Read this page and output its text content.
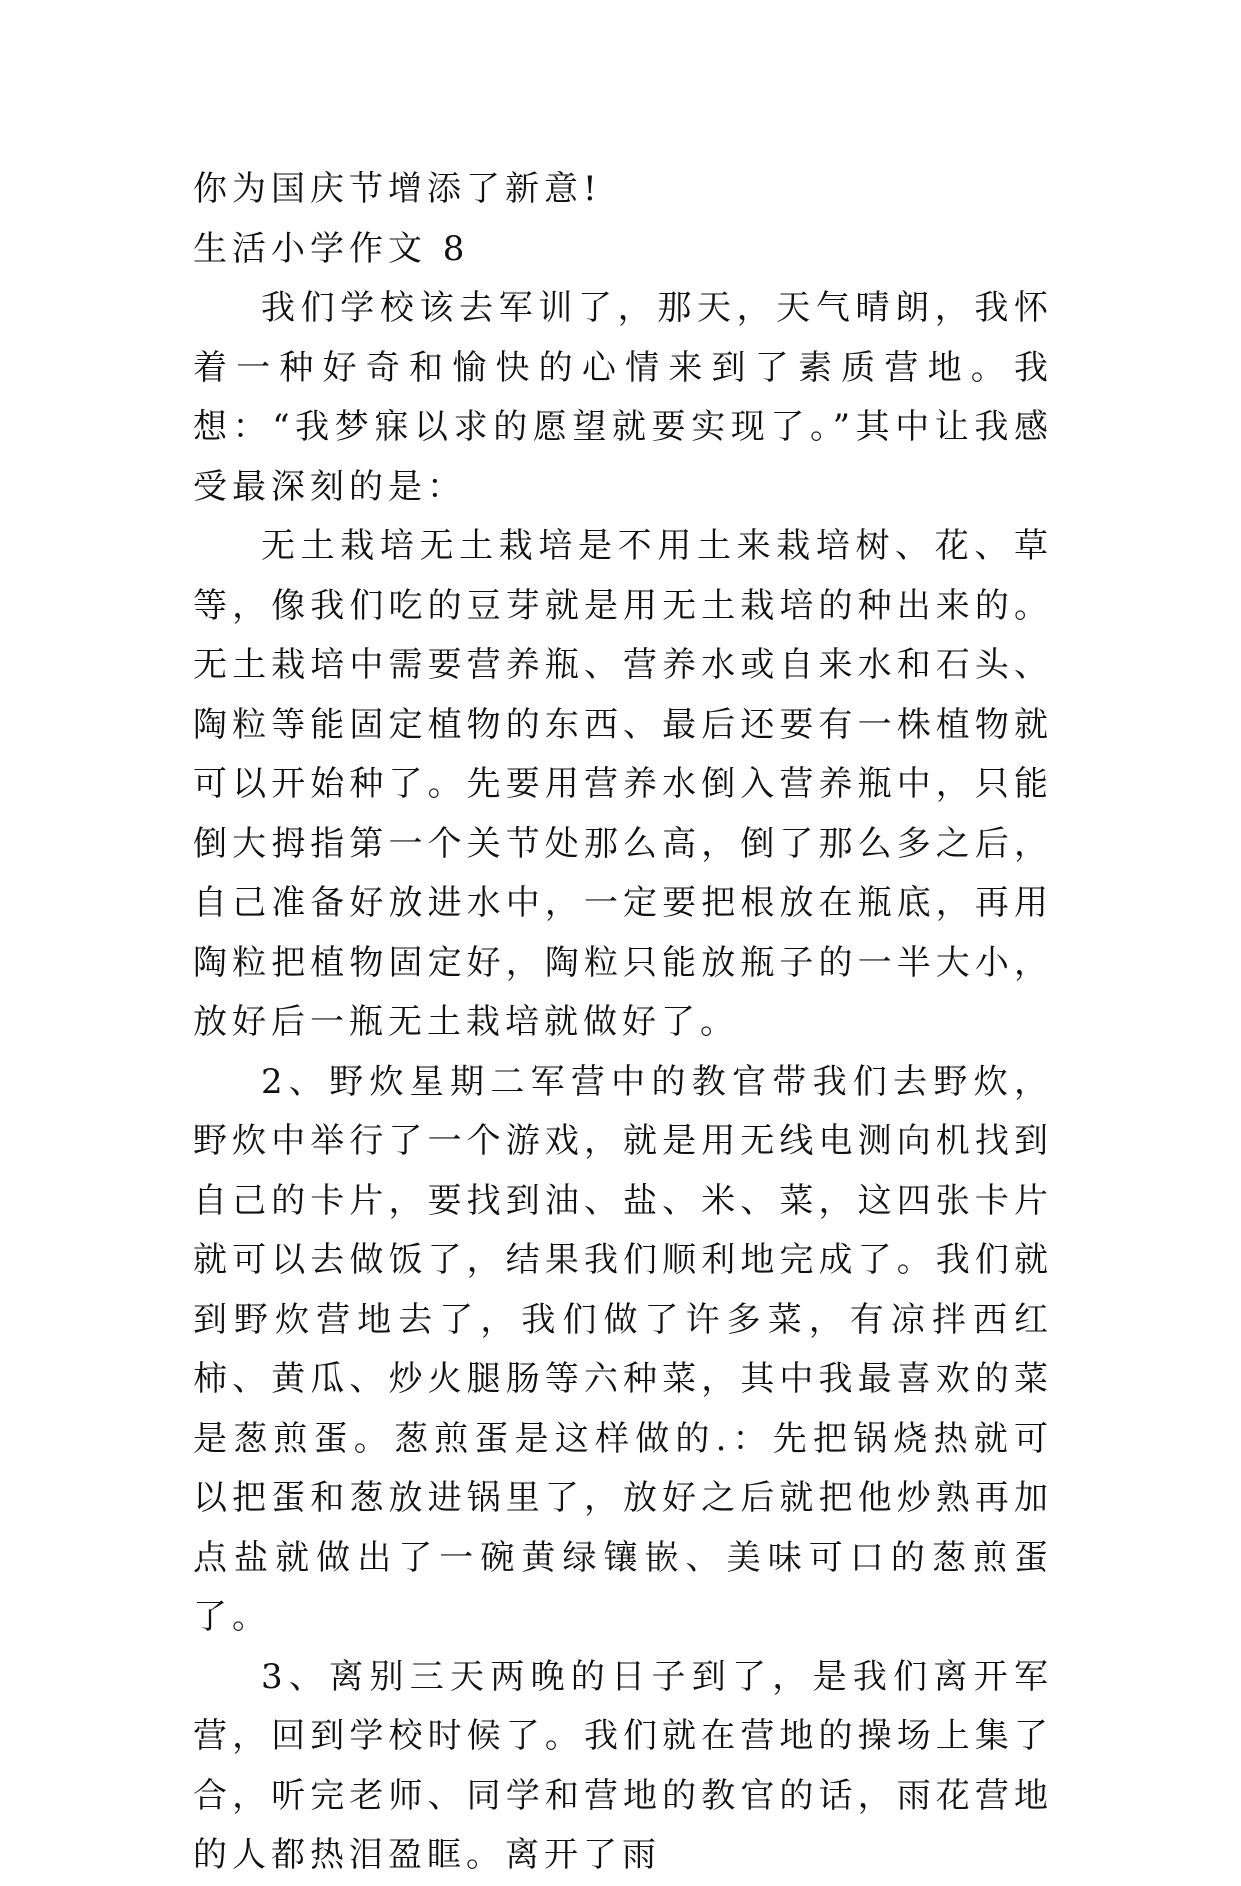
你为国庆节增添了新意!

生活小学作文 8

我们学校该去军训了，那天，天气晴朗，我怀着一种好奇和愉快的心情来到了素质营地。我想：“我梦寐以求的愿望就要实现了。”其中让我感受最深刻的是：

无土栽培无土栽培是不用土来栽培树、花、草等，像我们吃的豆芽就是用无土栽培的种出来的。无土栽培中需要营养瓶、营养水或自来水和石头、陶粒等能固定植物的东西、最后还要有一株植物就可以开始种了。先要用营养水倒入营养瓶中，只能倒大拇指第一个关节处那么高，倒了那么多之后，自己准备好放进水中，一定要把根放在瓶底，再用陶粒把植物固定好，陶粒只能放瓶子的一半大小，放好后一瓶无土栽培就做好了。

2、野炊星期二军营中的教官带我们去野炊，野炊中举行了一个游戏，就是用无线电测向机找到自己的卡片，要找到油、盐、米、菜，这四张卡片就可以去做饭了，结果我们顺利地完成了。我们就到野炊营地去了，我们做了许多菜，有凉拌西红柿、黄瓜、炒火腿肠等六种菜，其中我最喜欢的菜是葱煎蛋。葱煎蛋是这样做的.：先把锅烧热就可以把蛋和葱放进锅里了，放好之后就把他炒熟再加点盐就做出了一碗黄绿镶嵌、美味可口的葱煎蛋了。

3、离别三天两晚的日子到了，是我们离开军营，回到学校时候了。我们就在营地的操场上集了合，听完老师、同学和营地的教官的话，雨花营地的人都热泪盈眶。离开了雨
